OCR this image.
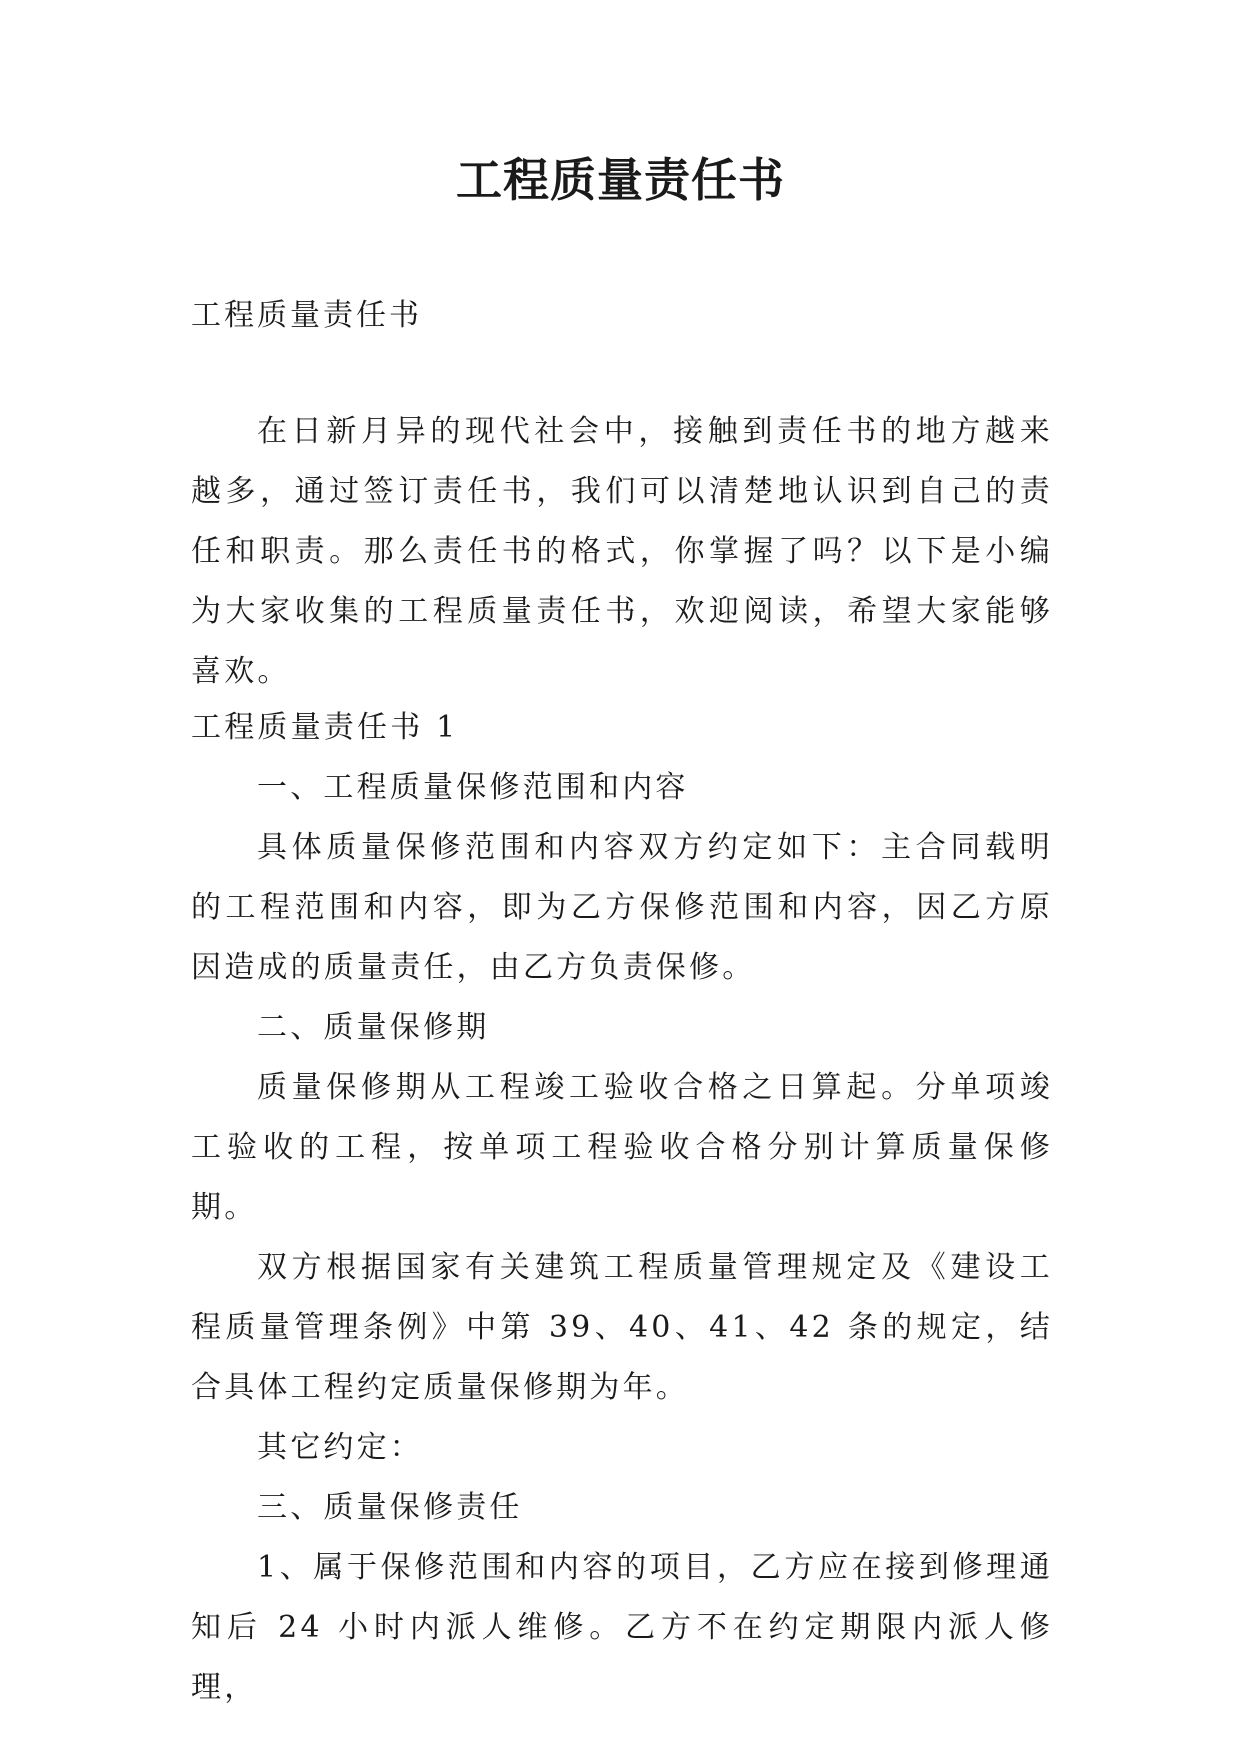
工程质量责任书

工程质量责任书

在日新月异的现代社会中，接触到责任书的地方越来越多，通过签订责任书，我们可以清楚地认识到自己的责任和职责。那么责任书的格式，你掌握了吗？以下是小编为大家收集的工程质量责任书，欢迎阅读，希望大家能够喜欢。

工程质量责任书 1

一、工程质量保修范围和内容

具体质量保修范围和内容双方约定如下：主合同载明的工程范围和内容，即为乙方保修范围和内容，因乙方原因造成的质量责任，由乙方负责保修。

二、质量保修期

质量保修期从工程竣工验收合格之日算起。分单项竣工验收的工程，按单项工程验收合格分别计算质量保修期。

双方根据国家有关建筑工程质量管理规定及《建设工程质量管理条例》中第 39、40、41、42 条的规定，结合具体工程约定质量保修期为年。

其它约定：

三、质量保修责任

1、属于保修范围和内容的项目，乙方应在接到修理通知后 24 小时内派人维修。乙方不在约定期限内派人修理，
